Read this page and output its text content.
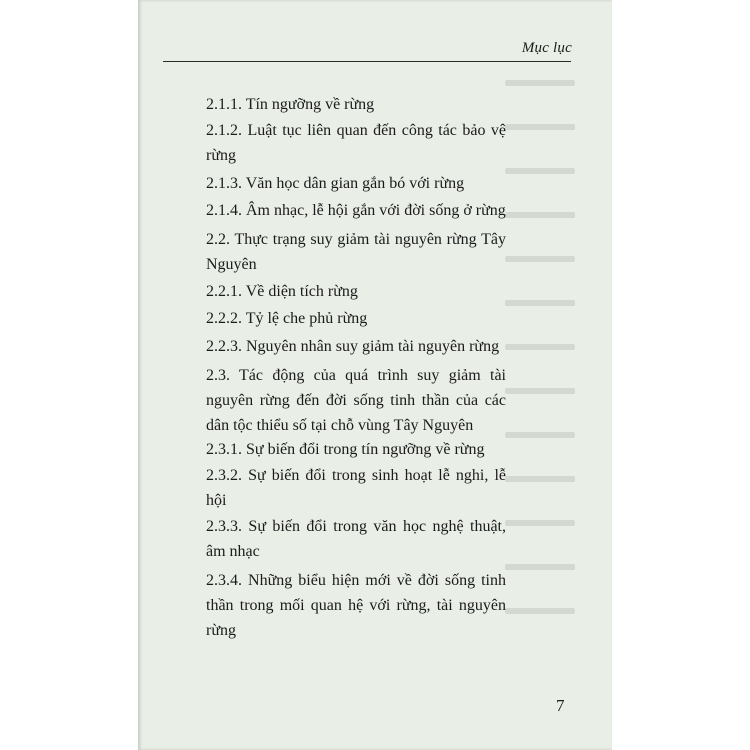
Mục lục
2.1.1. Tín ngưỡng về rừng
2.1.2. Luật tục liên quan đến công tác bảo vệ rừng
2.1.3. Văn học dân gian gắn bó với rừng
2.1.4. Âm nhạc, lễ hội gắn với đời sống ở rừng
2.2. Thực trạng suy giảm tài nguyên rừng Tây Nguyên
2.2.1. Về diện tích rừng
2.2.2. Tỷ lệ che phủ rừng
2.2.3. Nguyên nhân suy giảm tài nguyên rừng
2.3. Tác động của quá trình suy giảm tài nguyên rừng đến đời sống tinh thần của các dân tộc thiểu số tại chỗ vùng Tây Nguyên
2.3.1. Sự biến đổi trong tín ngưỡng về rừng
2.3.2. Sự biến đổi trong sinh hoạt lễ nghi, lễ hội
2.3.3. Sự biến đổi trong văn học nghệ thuật, âm nhạc
2.3.4. Những biểu hiện mới về đời sống tinh thần trong mối quan hệ với rừng, tài nguyên rừng
7
